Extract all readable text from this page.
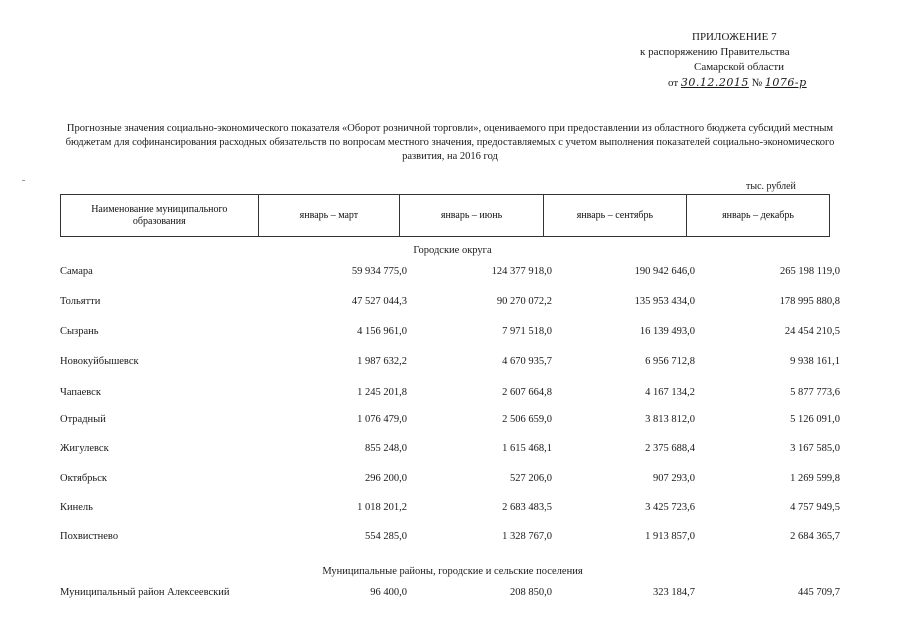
ПРИЛОЖЕНИЕ 7
к распоряжению Правительства
Самарской области
от 30.12.2015 № 1076-р
Прогнозные значения социально-экономического показателя «Оборот розничной торговли», оцениваемого при предоставлении из областного бюджета субсидий местным бюджетам для софинансирования расходных обязательств по вопросам местного значения, предоставляемых с учетом выполнения показателей социально-экономического развития, на 2016 год
тыс. рублей
Наименование муниципального образования	январь – март	январь – июнь	январь – сентябрь	январь – декабрь
Городские округа
Самара	59 934 775,0	124 377 918,0	190 942 646,0	265 198 119,0
Тольятти	47 527 044,3	90 270 072,2	135 953 434,0	178 995 880,8
Сызрань	4 156 961,0	7 971 518,0	16 139 493,0	24 454 210,5
Новокуйбышевск	1 987 632,2	4 670 935,7	6 956 712,8	9 938 161,1
Чапаевск	1 245 201,8	2 607 664,8	4 167 134,2	5 877 773,6
Отрадный	1 076 479,0	2 506 659,0	3 813 812,0	5 126 091,0
Жигулевск	855 248,0	1 615 468,1	2 375 688,4	3 167 585,0
Октябрьск	296 200,0	527 206,0	907 293,0	1 269 599,8
Кинель	1 018 201,2	2 683 483,5	3 425 723,6	4 757 949,5
Похвистнево	554 285,0	1 328 767,0	1 913 857,0	2 684 365,7
Муниципальные районы, городские и сельские поселения
Муниципальный район Алексеевский	96 400,0	208 850,0	323 184,7	445 709,7
